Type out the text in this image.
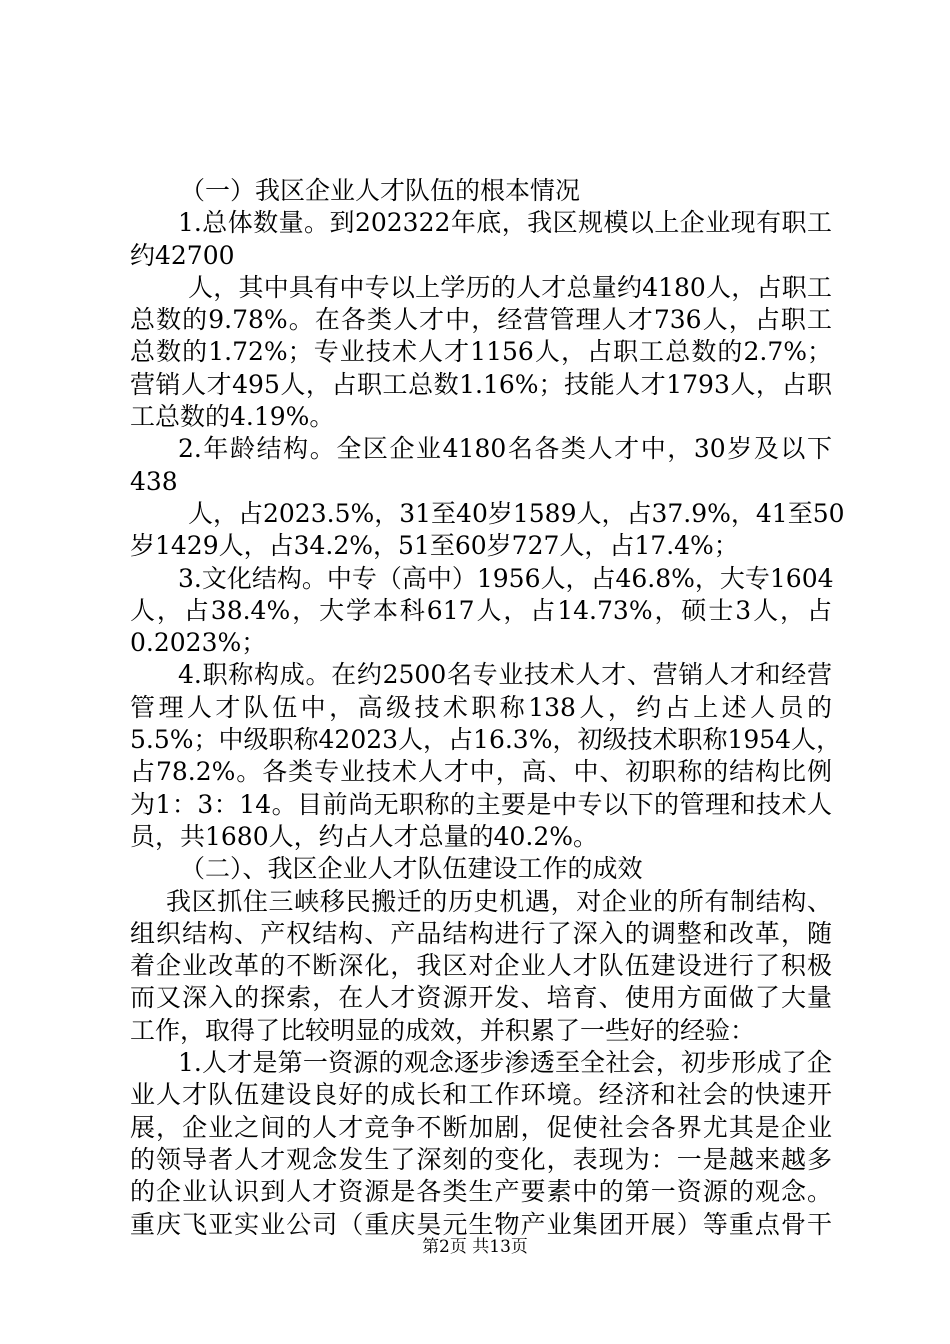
（一）我区企业人才队伍的根本情况
1.总体数量。到202322年底，我区规模以上企业现有职工
约42700
人，其中具有中专以上学历的人才总量约4180人，占职工
总数的9.78%。在各类人才中，经营管理人才736人，占职工
总数的1.72%；专业技术人才1156人，占职工总数的2.7%；
营销人才495人，占职工总数1.16%；技能人才1793人，占职
工总数的4.19%。
2.年龄结构。全区企业4180名各类人才中，30岁及以下
438
人，占2023.5%，31至40岁1589人，占37.9%，41至50
岁1429人，占34.2%，51至60岁727人，占17.4%；
3.文化结构。中专（高中）1956人，占46.8%，大专1604
人，占38.4%，大学本科617人，占14.73%，硕士3人，占
0.2023%；
4.职称构成。在约2500名专业技术人才、营销人才和经营
管理人才队伍中，高级技术职称138人，约占上述人员的
5.5%；中级职称42023人，占16.3%，初级技术职称1954人，
占78.2%。各类专业技术人才中，高、中、初职称的结构比例
为1：3：14。目前尚无职称的主要是中专以下的管理和技术人
员，共1680人，约占人才总量的40.2%。
（二）、我区企业人才队伍建设工作的成效
我区抓住三峡移民搬迁的历史机遇，对企业的所有制结构、
组织结构、产权结构、产品结构进行了深入的调整和改革，随
着企业改革的不断深化，我区对企业人才队伍建设进行了积极
而又深入的探索，在人才资源开发、培育、使用方面做了大量
工作，取得了比较明显的成效，并积累了一些好的经验：
1.人才是第一资源的观念逐步渗透至全社会，初步形成了企
业人才队伍建设良好的成长和工作环境。经济和社会的快速开
展，企业之间的人才竞争不断加剧，促使社会各界尤其是企业
的领导者人才观念发生了深刻的变化，表现为：一是越来越多
的企业认识到人才资源是各类生产要素中的第一资源的观念。
重庆飞亚实业公司（重庆昊元生物产业集团开展）等重点骨干
第2页 共13页
